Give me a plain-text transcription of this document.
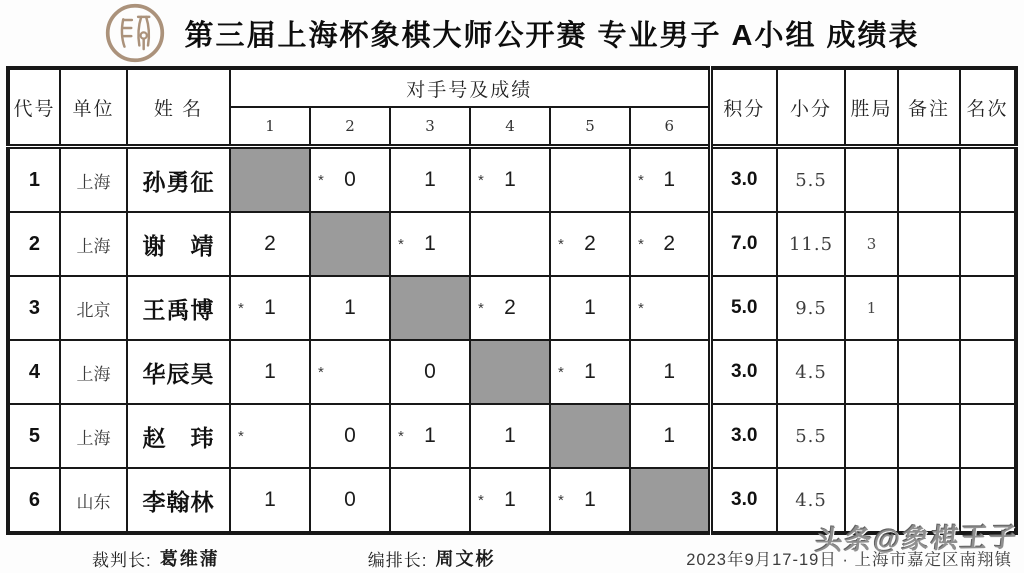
第三届上海杯象棋大师公开赛 专业男子 A小组 成绩表
代号	单位	姓 名	对手号及成绩						积分	小分	胜局	备注	名次
			1	2	3	4	5	6					
1	上海	孙勇征		* 0	1	* 1		* 1	3.0	5.5			
2	上海	谢　靖	2		* 1		* 2	* 2	7.0	11.5	3		
3	北京	王禹博	* 1	1		* 2	1	*	5.0	9.5	1		
4	上海	华辰昊	1	*	0		* 1	1	3.0	4.5			
5	上海	赵　玮	*	0	* 1	1		1	3.0	5.5			
6	山东	李翰林	1	0		* 1	* 1		3.0	4.5			
裁判长: 葛维蒲	编排长: 周文彬	2023年9月17-19日 · 上海市嘉定区南翔镇
头条@象棋王子
